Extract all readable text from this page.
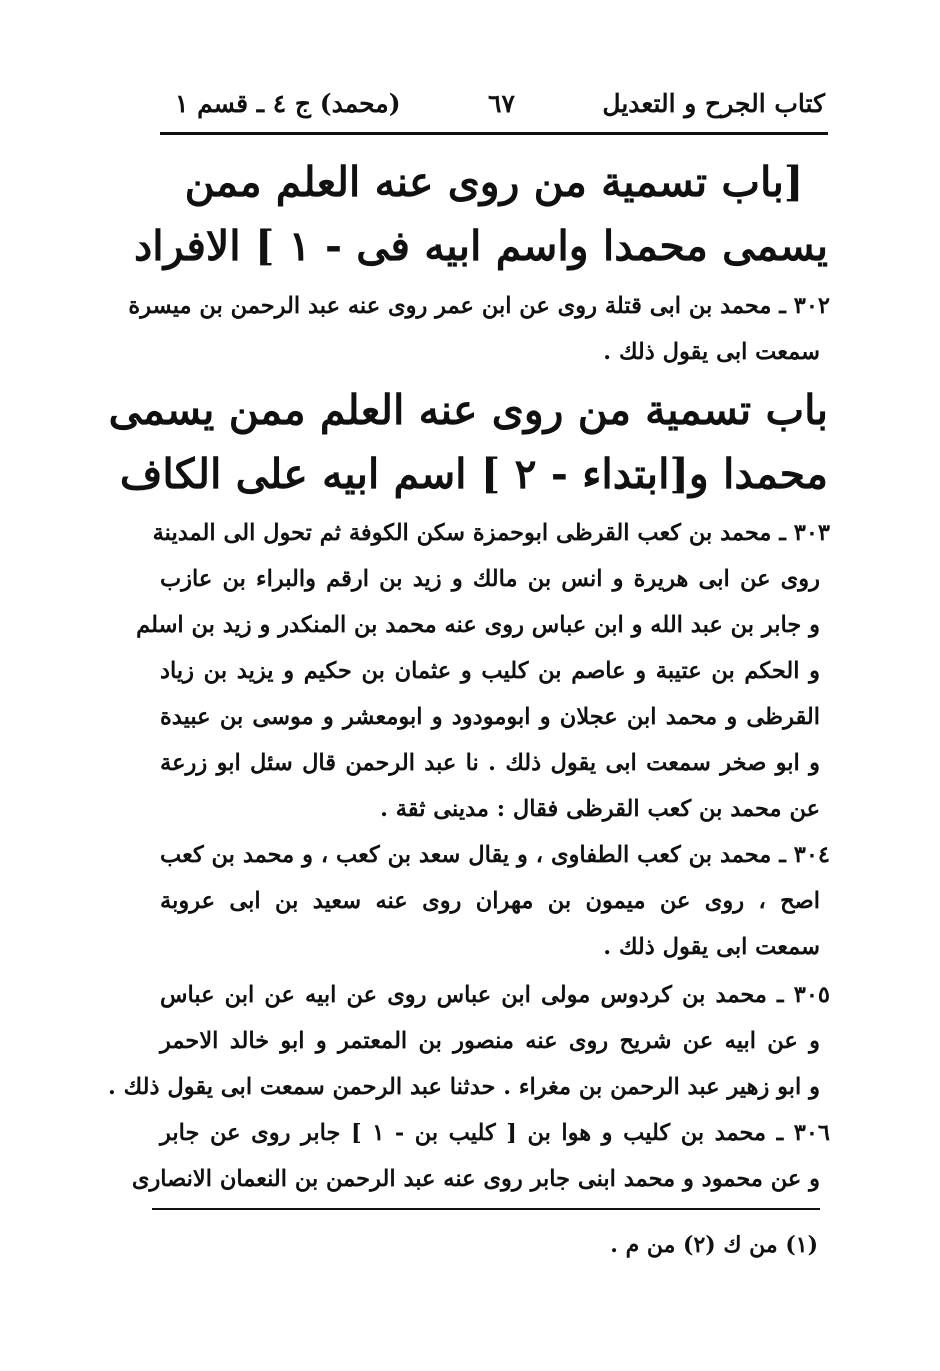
كتاب الجرح و التعديل
٦٧
(محمد) ج ٤ ـ قسم ١
[باب تسمية من روى عنه العلم ممن
يسمى محمدا واسم ابيه فى - ١ ] الافراد
٣٠٢ ـ محمد بن ابى قتلة روى عن ابن عمر روى عنه عبد الرحمن بن ميسرة
سمعت ابى يقول ذلك .
باب تسمية من روى عنه العلم ممن يسمى
محمدا و[ابتداء - ٢ ] اسم ابيه على الكاف
٣٠٣ ـ محمد بن كعب القرظى ابوحمزة سكن الكوفة ثم تحول الى المدينة
روى عن ابى هريرة و انس بن مالك و زيد بن ارقم والبراء بن عازب
و جابر بن عبد الله و ابن عباس روى عنه محمد بن المنكدر و زيد بن اسلم
و الحكم بن عتيبة و عاصم بن كليب و عثمان بن حكيم و يزيد بن زياد
القرظى و محمد ابن عجلان و ابومودود و ابومعشر و موسى بن عبيدة
و ابو صخر سمعت ابى يقول ذلك . نا عبد الرحمن قال سئل ابو زرعة
عن محمد بن كعب القرظى فقال : مدينى ثقة .
٣٠٤ ـ محمد بن كعب الطفاوى ، و يقال سعد بن كعب ، و محمد بن كعب
اصح ، روى عن ميمون بن مهران روى عنه سعيد بن ابى عروبة
سمعت ابى يقول ذلك .
٣٠٥ ـ محمد بن كردوس مولى ابن عباس روى عن ابيه عن ابن عباس
و عن ابيه عن شريح روى عنه منصور بن المعتمر و ابو خالد الاحمر
و ابو زهير عبد الرحمن بن مغراء . حدثنا عبد الرحمن سمعت ابى يقول ذلك .
٣٠٦ ـ محمد بن كليب و هوا بن [ كليب بن - ١ ] جابر روى عن جابر
و عن محمود و محمد ابنى جابر روى عنه عبد الرحمن بن النعمان الانصارى
(١) من ك (٢) من م .
